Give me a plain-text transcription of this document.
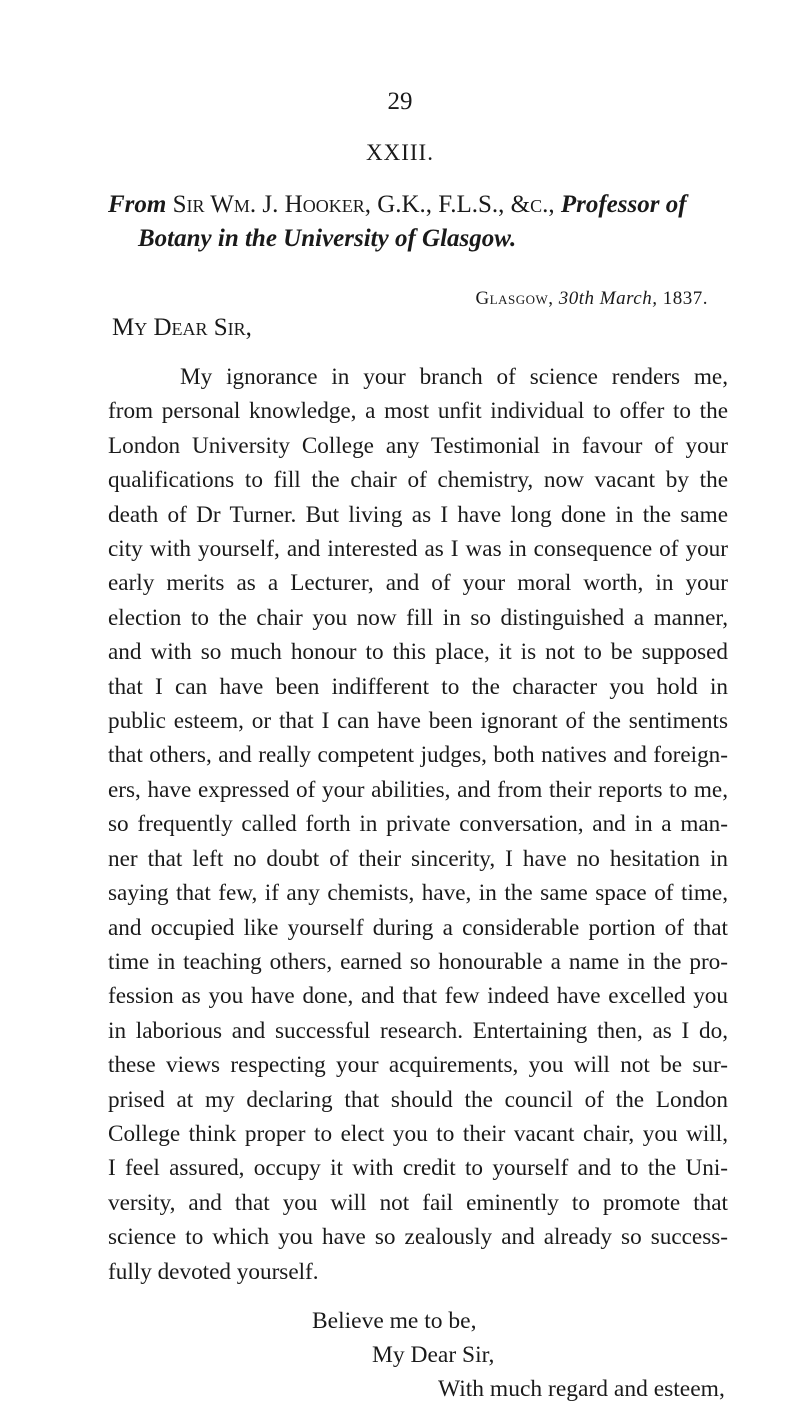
29
XXIII.
From Sir Wm. J. Hooker, G.K., F.L.S., &c., Professor of
Botany in the University of Glasgow.
Glasgow, 30th March, 1837.
My Dear Sir,
My ignorance in your branch of science renders me,
from personal knowledge, a most unfit individual to offer to the
London University College any Testimonial in favour of your
qualifications to fill the chair of chemistry, now vacant by the
death of Dr Turner. But living as I have long done in the same
city with yourself, and interested as I was in consequence of your
early merits as a Lecturer, and of your moral worth, in your
election to the chair you now fill in so distinguished a manner,
and with so much honour to this place, it is not to be supposed
that I can have been indifferent to the character you hold in
public esteem, or that I can have been ignorant of the sentiments
that others, and really competent judges, both natives and foreign-
ers, have expressed of your abilities, and from their reports to me,
so frequently called forth in private conversation, and in a man-
ner that left no doubt of their sincerity, I have no hesitation in
saying that few, if any chemists, have, in the same space of time,
and occupied like yourself during a considerable portion of that
time in teaching others, earned so honourable a name in the pro-
fession as you have done, and that few indeed have excelled you
in laborious and successful research. Entertaining then, as I do,
these views respecting your acquirements, you will not be sur-
prised at my declaring that should the council of the London
College think proper to elect you to their vacant chair, you will,
I feel assured, occupy it with credit to yourself and to the Uni-
versity, and that you will not fail eminently to promote that
science to which you have so zealously and already so success-
fully devoted yourself.
Believe me to be,
My Dear Sir,
With much regard and esteem,
